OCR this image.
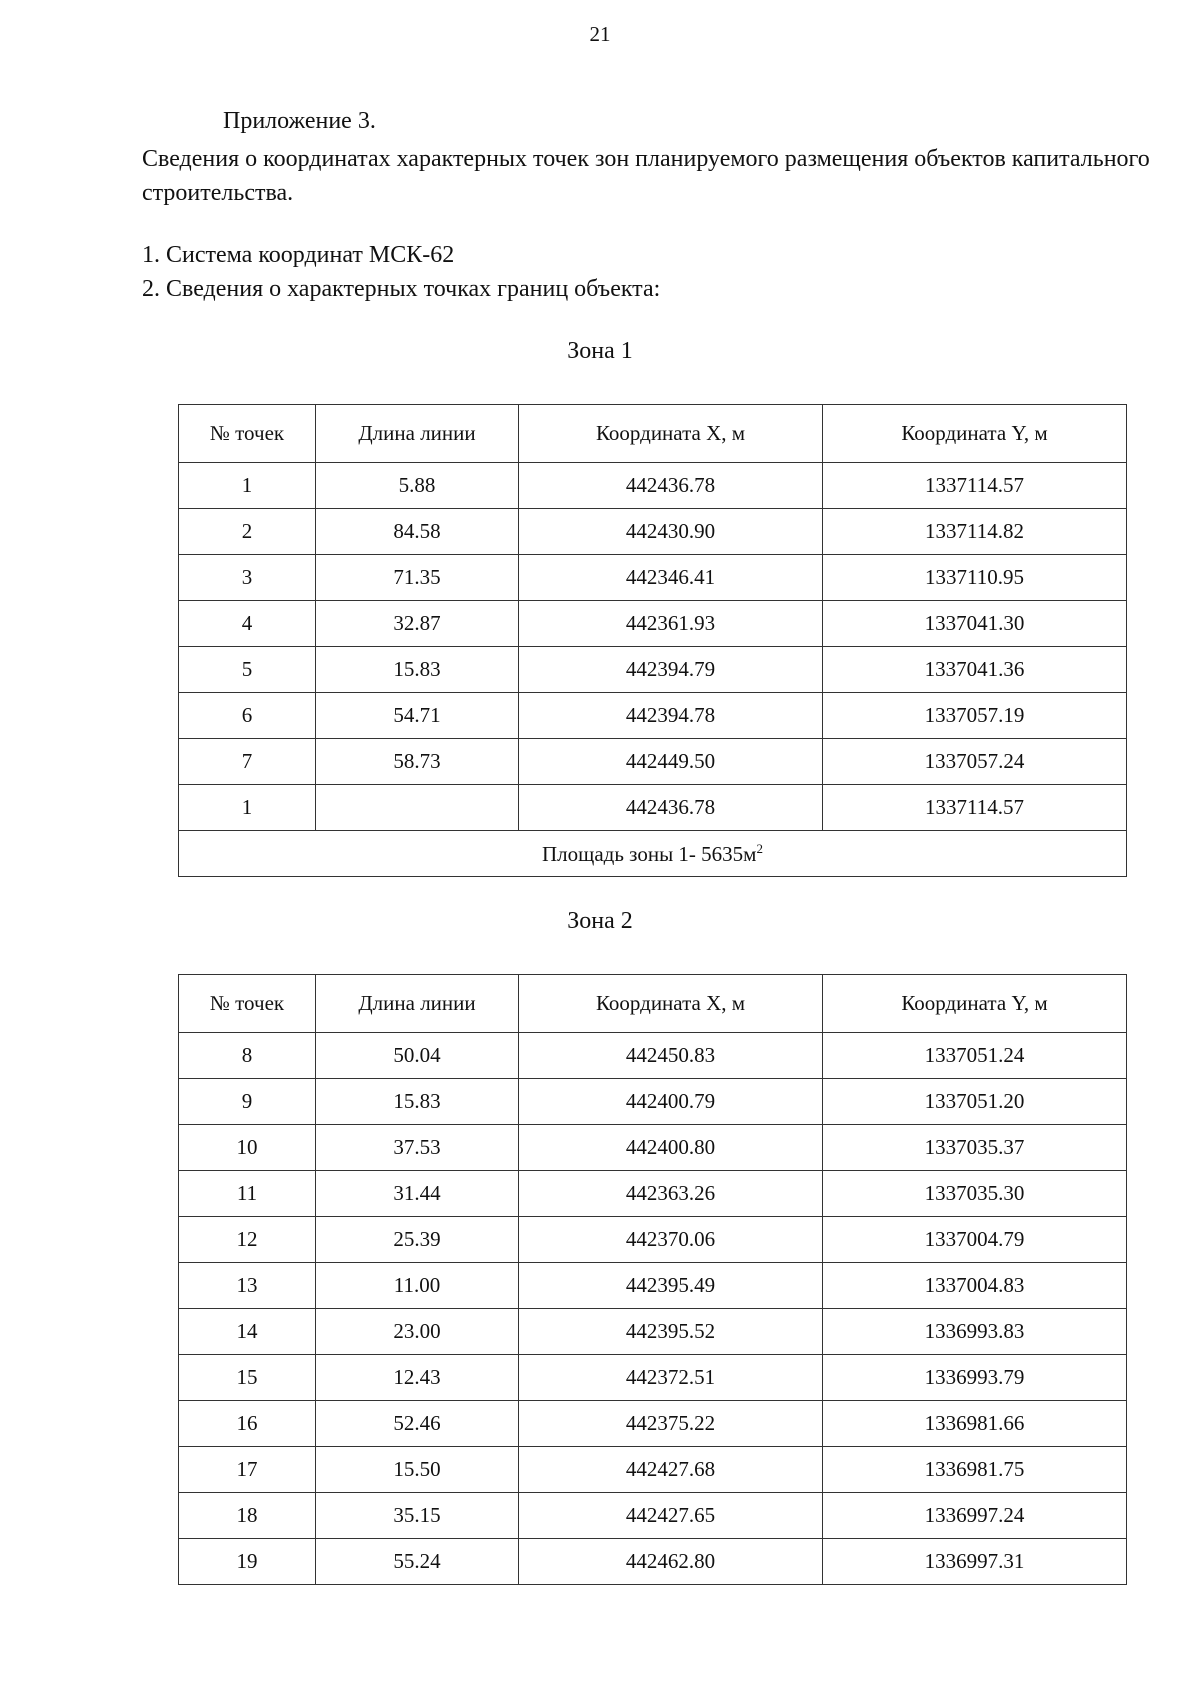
21
Приложение 3.
Сведения о координатах характерных точек зон планируемого размещения объектов капитального строительства.
1. Система координат МСК-62
2. Сведения о характерных точках границ объекта:
Зона 1
№ точек	Длина линии	Координата X, м	Координата Y, м
1	5.88	442436.78	1337114.57
2	84.58	442430.90	1337114.82
3	71.35	442346.41	1337110.95
4	32.87	442361.93	1337041.30
5	15.83	442394.79	1337041.36
6	54.71	442394.78	1337057.19
7	58.73	442449.50	1337057.24
1		442436.78	1337114.57
Площадь зоны 1- $5635м^2$
Зона 2
№ точек	Длина линии	Координата X, м	Координата Y, м
8	50.04	442450.83	1337051.24
9	15.83	442400.79	1337051.20
10	37.53	442400.80	1337035.37
11	31.44	442363.26	1337035.30
12	25.39	442370.06	1337004.79
13	11.00	442395.49	1337004.83
14	23.00	442395.52	1336993.83
15	12.43	442372.51	1336993.79
16	52.46	442375.22	1336981.66
17	15.50	442427.68	1336981.75
18	35.15	442427.65	1336997.24
19	55.24	442462.80	1336997.31
